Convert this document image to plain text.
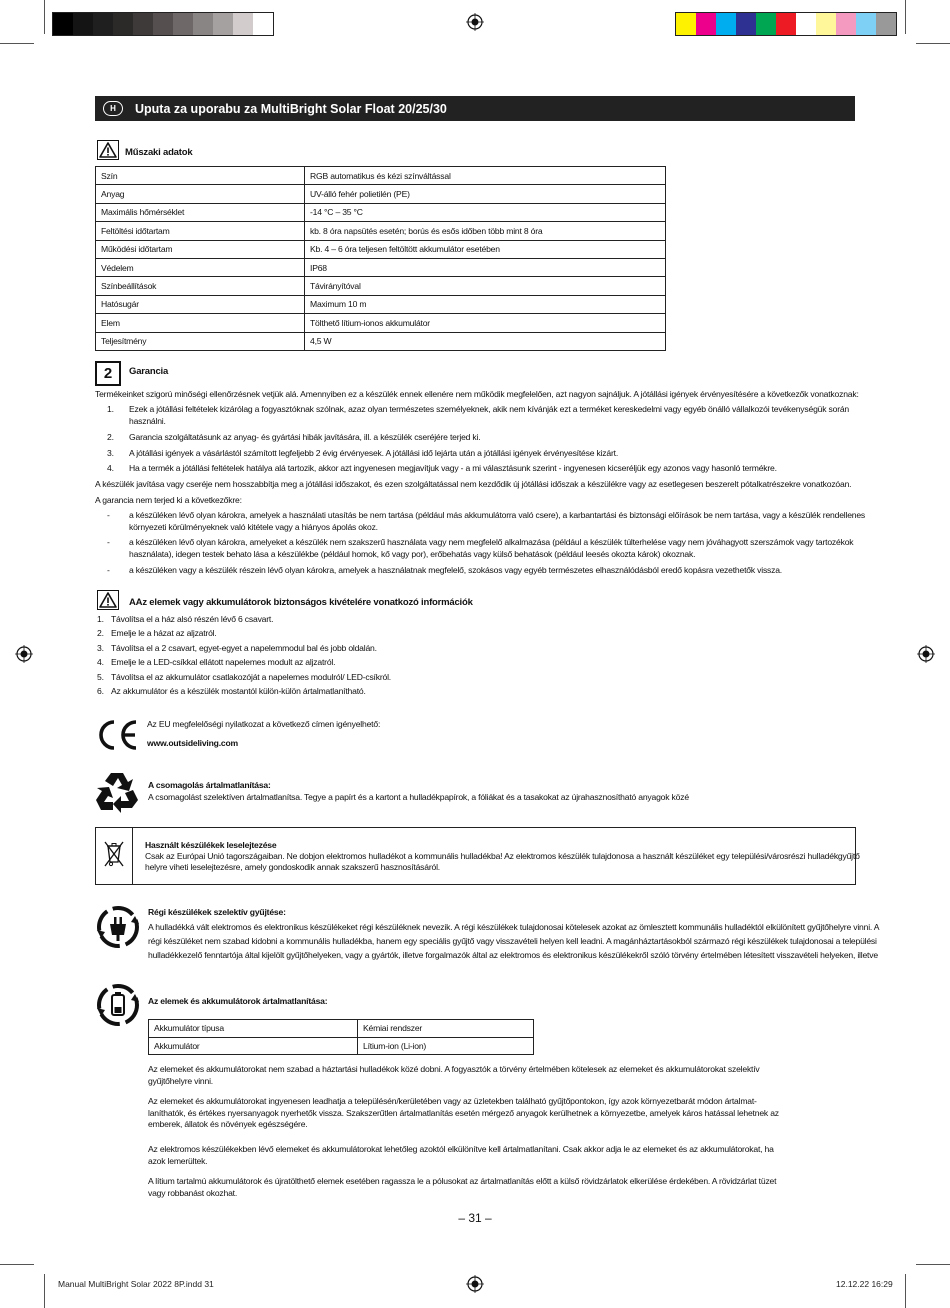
H	Uputa za uporabu za MultiBright Solar Float 20/25/30
Műszaki adatok
Szín	RGB automatikus és kézi színváltással
Anyag	UV-álló fehér polietilén (PE)
Maximális hőmérséklet	-14 °C – 35 °C
Feltöltési időtartam	kb. 8 óra napsütés esetén; borús és esős időben több mint 8 óra
Működési időtartam	Kb. 4 – 6 óra teljesen feltöltött akkumulátor esetében
Védelem	IP68
Színbeállítások	Távirányítóval
Hatósugár	Maximum 10 m
Elem	Tölthető lítium-ionos akkumulátor
Teljesítmény	4,5 W
2	Garancia
Termékeinket szigorú minőségi ellenőrzésnek vetjük alá. Amennyiben ez a készülék ennek ellenére nem működik megfelelően, azt nagyon sajnáljuk. A jótállási igények érvényesítésére a következők vonatkoznak:
1. Ezek a jótállási feltételek kizárólag a fogyasztóknak szólnak, azaz olyan természetes személyeknek, akik nem kívánják ezt a terméket kereskedelmi vagy egyéb önálló vállalkozói tevékenységük során
használni.
2. Garancia szolgáltatásunk az anyag- és gyártási hibák javítására, ill. a készülék cseréjére terjed ki.
3. A jótállási igények a vásárlástól számított legfeljebb 2 évig érvényesek. A jótállási idő lejárta után a jótállási igények érvényesítése kizárt.
4. Ha a termék a jótállási feltételek hatálya alá tartozik, akkor azt ingyenesen megjavítjuk vagy - a mi választásunk szerint - ingyenesen kicseréljük egy azonos vagy hasonló termékre.
A készülék javítása vagy cseréje nem hosszabbítja meg a jótállási időszakot, és ezen szolgáltatással nem kezdődik új jótállási időszak a készülékre vagy az esetlegesen beszerelt pótalkatrészekre vonatkozóan.
A garancia nem terjed ki a következőkre:
- a készüléken lévő olyan károkra, amelyek a használati utasítás be nem tartása (például más akkumulátorra való csere), a karbantartási és biztonsági előírások be nem tartása, vagy a készülék rendellenes
környezeti körülményeknek való kitétele vagy a hiányos ápolás okoz.
- a készüléken lévő olyan károkra, amelyeket a készülék nem szakszerű használata vagy nem megfelelő alkalmazása (például a készülék túlterhelése vagy nem jóváhagyott szerszámok vagy tartozékok
használata), idegen testek behato lása a készülékbe (például homok, kő vagy por), erőbehatás vagy külső behatások (például leesés okozta károk) okoznak.
- a készüléken vagy a készülék részein lévő olyan károkra, amelyek a használatnak megfelelő, szokásos vagy egyéb természetes elhasználódásból eredő kopásra vezethetők vissza.
AAz elemek vagy akkumulátorok biztonságos kivételére vonatkozó információk
1. Távolítsa el a ház alsó részén lévő 6 csavart.
2. Emelje le a házat az aljzatról.
3. Távolítsa el a 2 csavart, egyet-egyet a napelemmodul bal és jobb oldalán.
4. Emelje le a LED-csíkkal ellátott napelemes modult az aljzatról.
5. Távolítsa el az akkumulátor csatlakozóját a napelemes modulról/ LED-csíkról.
6. Az akkumulátor és a készülék mostantól külön-külön ártalmatlanítható.
Az EU megfelelőségi nyilatkozat a következő címen igényelhető:
www.outsideliving.com
A csomagolás ártalmatlanítása:
A csomagolást szelektíven ártalmatlanítsa. Tegye a papírt és a kartont a hulladékpapírok, a fóliákat és a tasakokat az újrahasznosítható anyagok közé
Használt készülékek leselejtezése
Csak az Európai Unió tagországaiban. Ne dobjon elektromos hulladékot a kommunális hulladékba! Az elektromos készülék tulajdonosa a használt készüléket egy települési/városrészi hulladékgyűjtő
helyre viheti leselejtezésre, amely gondoskodik annak szakszerű hasznosításáról.
Régi készülékek szelektív gyűjtése:
A hulladékká vált elektromos és elektronikus készülékeket régi készüléknek nevezik. A régi készülékek tulajdonosai kötelesek azokat az ömlesztett kommunális hulladéktól elkülönített gyűjtőhelyre vinni. A
régi készüléket nem szabad kidobni a kommunális hulladékba, hanem egy speciális gyűjtő vagy visszavételi helyen kell leadni. A magánháztartásokból származó régi készülékek tulajdonosai a települési
hulladékkezelő fenntartója által kijelölt gyűjtőhelyeken, vagy a gyártók, illetve forgalmazók által az elektromos és elektronikus készülékekről szóló törvény értelmében létesített visszavételi helyeken, illetve
Az elemek és akkumulátorok ártalmatlanítása:
Akkumulátor típusa	Kémiai rendszer
Akkumulátor	Lítium-ion (Li-ion)
Az elemeket és akkumulátorokat nem szabad a háztartási hulladékok közé dobni. A fogyasztók a törvény értelmében kötelesek az elemeket és akkumulátorokat szelektív
gyűjtőhelyre vinni.
Az elemeket és akkumulátorokat ingyenesen leadhatja a településén/kerületében vagy az üzletekben található gyűjtőpontokon, így azok környezetbarát módon ártalmat-
laníthatók, és értékes nyersanyagok nyerhetők vissza. Szakszerűtlen ártalmatlanítás esetén mérgező anyagok kerülhetnek a környezetbe, amelyek káros hatással lehetnek az
emberek, állatok és növények egészségére.
Az elektromos készülékekben lévő elemeket és akkumulátorokat lehetőleg azoktól elkülönítve kell ártalmatlanítani. Csak akkor adja le az elemeket és az akkumulátorokat, ha
azok lemerültek.
A lítium tartalmú akkumulátorok és újratölthető elemek esetében ragassza le a pólusokat az ártalmatlanítás előtt a külső rövidzárlatok elkerülése érdekében. A rövidzárlat tüzet
vagy robbanást okozhat.
– 31 –
Manual MultiBright Solar 2022 8P.indd 31	12.12.22 16:29
